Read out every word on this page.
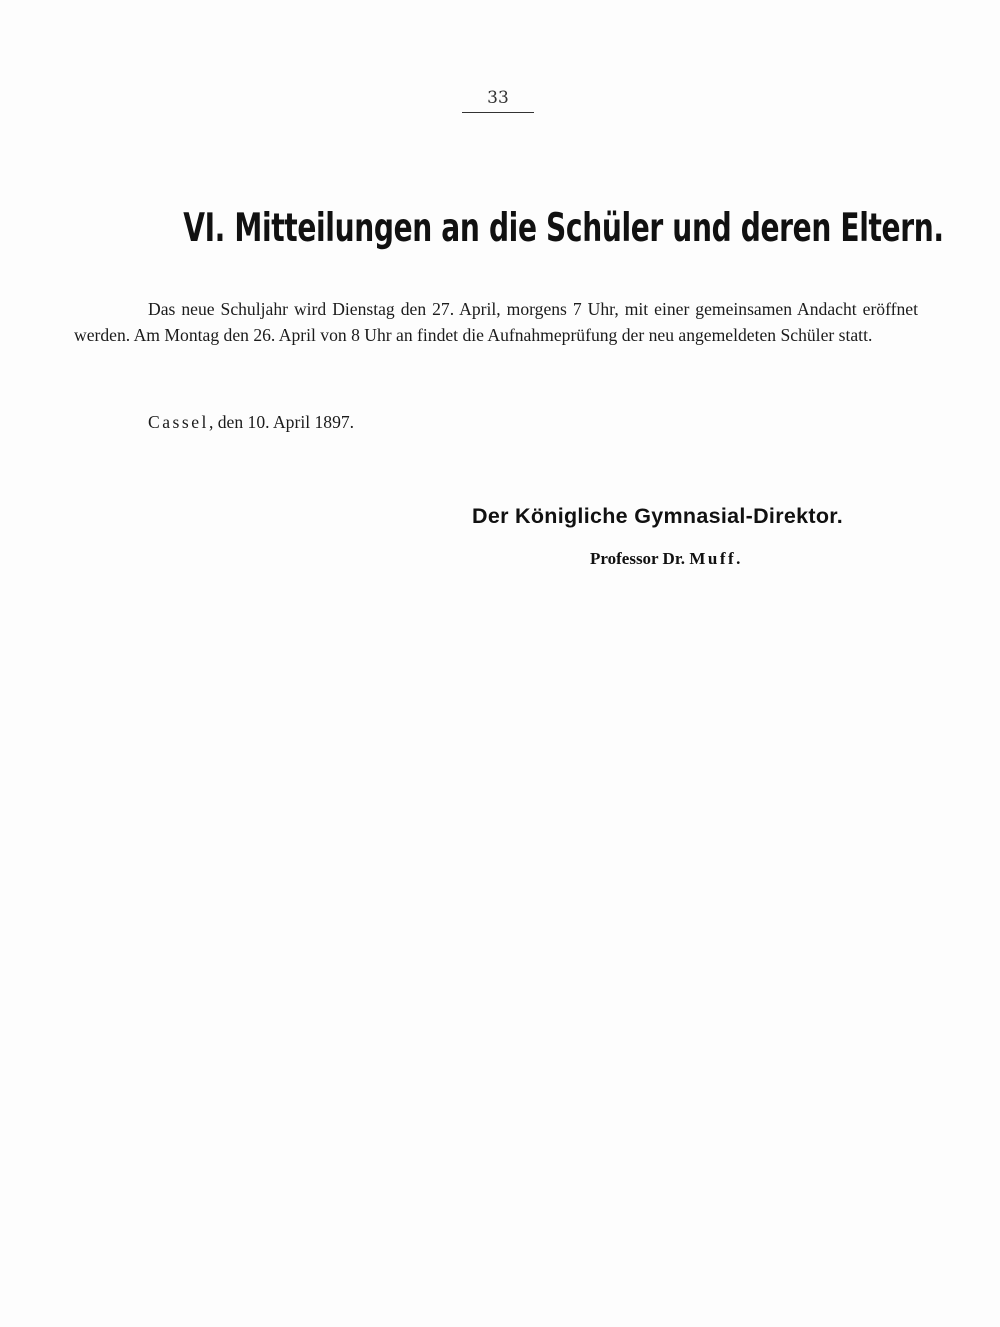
33
VI. Mitteilungen an die Schüler und deren Eltern.
Das neue Schuljahr wird Dienstag den 27. April, morgens 7 Uhr, mit einer gemeinsamen Andacht eröffnet werden. Am Montag den 26. April von 8 Uhr an findet die Aufnahmeprüfung der neu angemeldeten Schüler statt.
Cassel, den 10. April 1897.
Der Königliche Gymnasial-Direktor.
Professor Dr. Muff.
